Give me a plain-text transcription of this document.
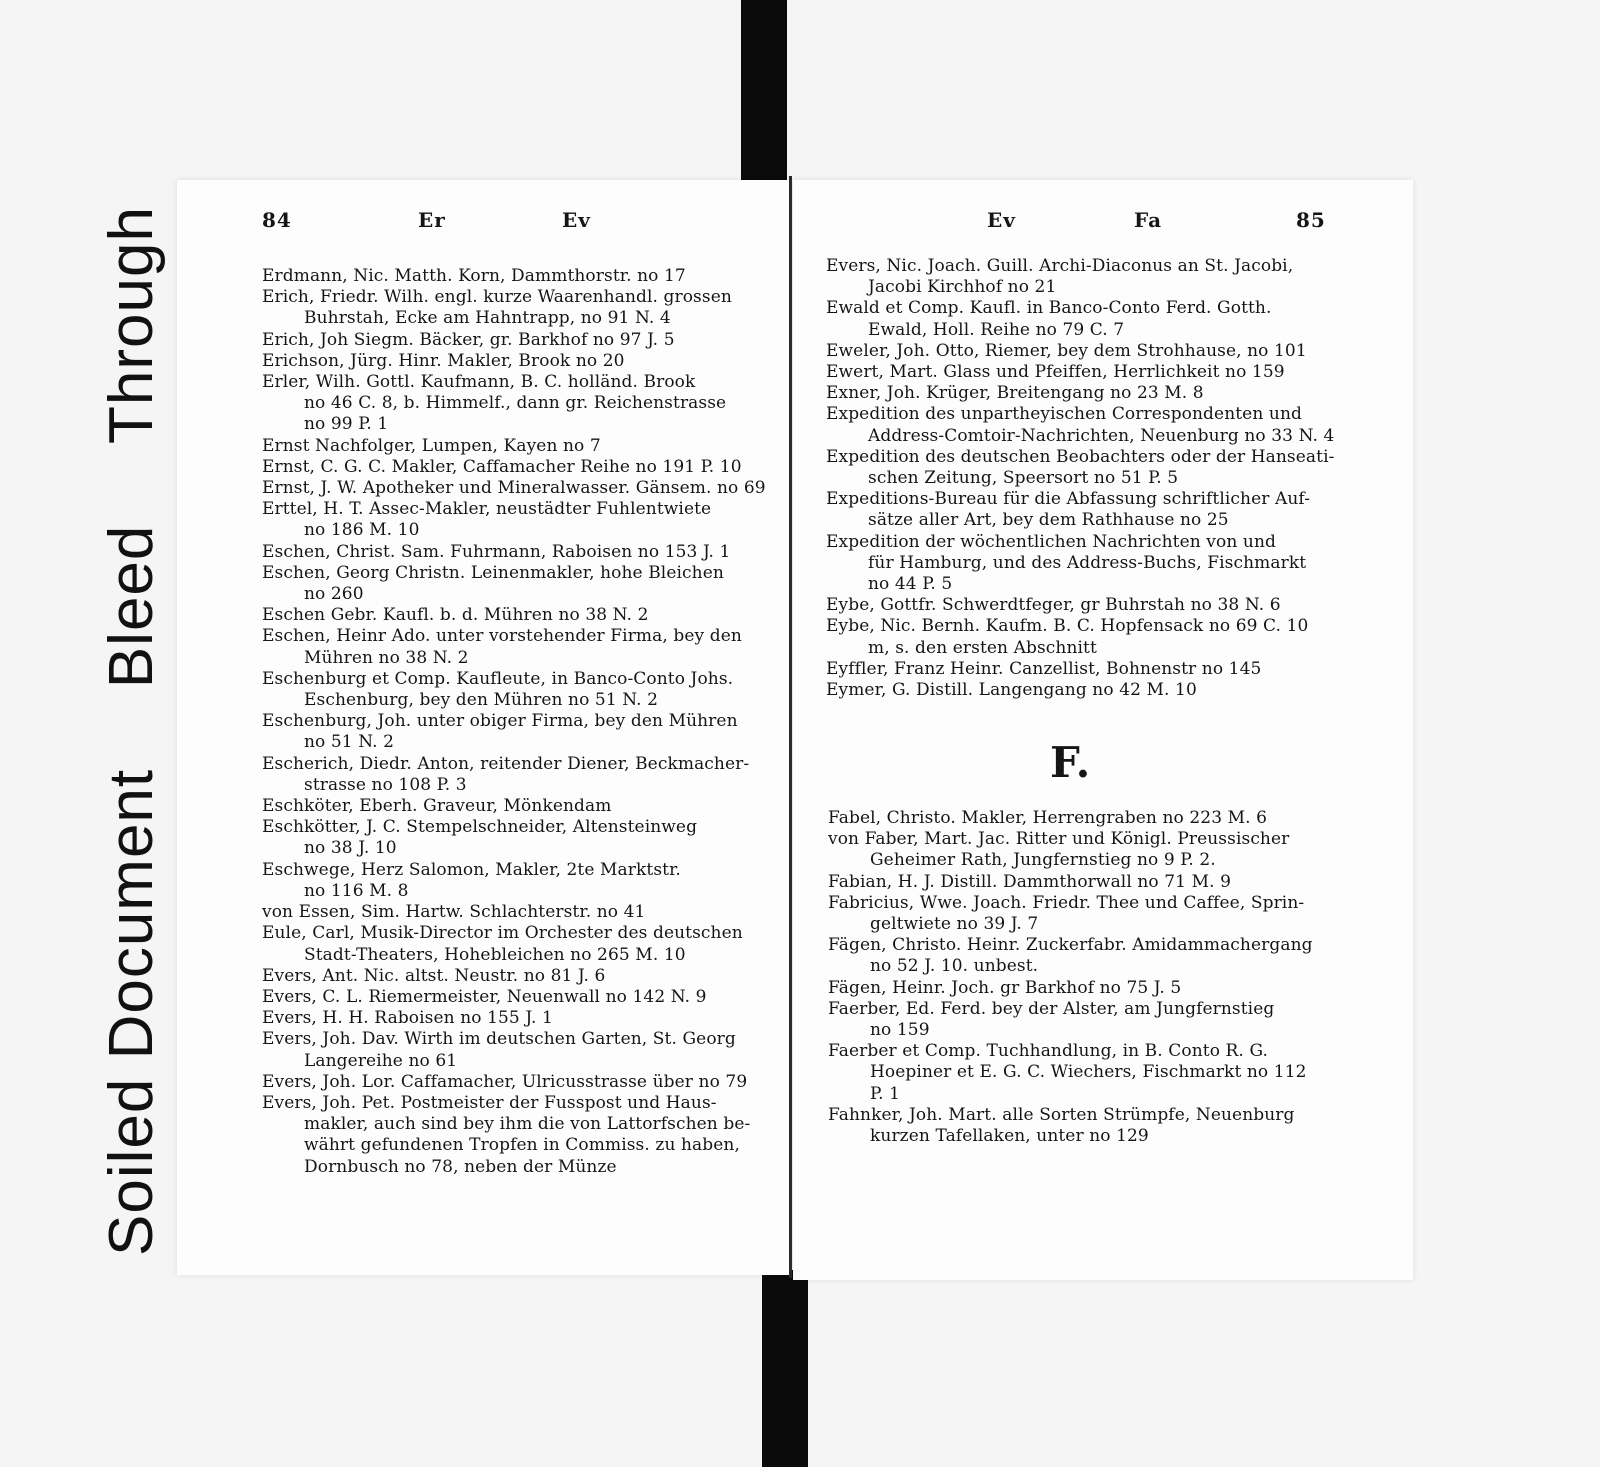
Soiled Document
Bleed
Through	84	Er	Ev	Ev	Fa	85
Erdmann, Nic. Matth. Korn, Dammthorstr. no 17
Erich, Friedr. Wilh. engl. kurze Waarenhandl. grossen
Buhrstah, Ecke am Hahntrapp, no 91 N. 4
Erich, Joh Siegm. Bäcker, gr. Barkhof no 97 J. 5
Erichson, Jürg. Hinr. Makler, Brook no 20
Erler, Wilh. Gottl. Kaufmann, B. C. holländ. Brook
no 46 C. 8, b. Himmelf., dann gr. Reichenstrasse
no 99 P. 1
Ernst Nachfolger, Lumpen, Kayen no 7
Ernst, C. G. C. Makler, Caffamacher Reihe no 191 P. 10
Ernst, J. W. Apotheker und Mineralwasser. Gänsem. no 69
Erttel, H. T. Assec-Makler, neustädter Fuhlentwiete
no 186 M. 10
Eschen, Christ. Sam. Fuhrmann, Raboisen no 153 J. 1
Eschen, Georg Christn. Leinenmakler, hohe Bleichen
no 260
Eschen Gebr. Kaufl. b. d. Mühren no 38 N. 2
Eschen, Heinr Ado. unter vorstehender Firma, bey den
Mühren no 38 N. 2
Eschenburg et Comp. Kaufleute, in Banco-Conto Johs.
Eschenburg, bey den Mühren no 51 N. 2
Eschenburg, Joh. unter obiger Firma, bey den Mühren
no 51 N. 2
Escherich, Diedr. Anton, reitender Diener, Beckmacher-
strasse no 108 P. 3
Eschköter, Eberh. Graveur, Mönkendam
Eschkötter, J. C. Stempelschneider, Altensteinweg
no 38 J. 10
Eschwege, Herz Salomon, Makler, 2te Marktstr.
no 116 M. 8
von Essen, Sim. Hartw. Schlachterstr. no 41
Eule, Carl, Musik-Director im Orchester des deutschen
Stadt-Theaters, Hohebleichen no 265 M. 10
Evers, Ant. Nic. altst. Neustr. no 81 J. 6
Evers, C. L. Riemermeister, Neuenwall no 142 N. 9
Evers, H. H. Raboisen no 155 J. 1
Evers, Joh. Dav. Wirth im deutschen Garten, St. Georg
Langereihe no 61
Evers, Joh. Lor. Caffamacher, Ulricusstrasse über no 79
Evers, Joh. Pet. Postmeister der Fusspost und Haus-
makler, auch sind bey ihm die von Lattorfschen be-
währt gefundenen Tropfen in Commiss. zu haben,
Dornbusch no 78, neben der Münze
Evers, Nic. Joach. Guill. Archi-Diaconus an St. Jacobi,
Jacobi Kirchhof no 21
Ewald et Comp. Kaufl. in Banco-Conto Ferd. Gotth.
Ewald, Holl. Reihe no 79 C. 7
Eweler, Joh. Otto, Riemer, bey dem Strohhause, no 101
Ewert, Mart. Glass und Pfeiffen, Herrlichkeit no 159
Exner, Joh. Krüger, Breitengang no 23 M. 8
Expedition des unpartheyischen Correspondenten und
Address-Comtoir-Nachrichten, Neuenburg no 33 N. 4
Expedition des deutschen Beobachters oder der Hanseati-
schen Zeitung, Speersort no 51 P. 5
Expeditions-Bureau für die Abfassung schriftlicher Auf-
sätze aller Art, bey dem Rathhause no 25
Expedition der wöchentlichen Nachrichten von und
für Hamburg, und des Address-Buchs, Fischmarkt
no 44 P. 5
Eybe, Gottfr. Schwerdtfeger, gr Buhrstah no 38 N. 6
Eybe, Nic. Bernh. Kaufm. B. C. Hopfensack no 69 C. 10
m, s. den ersten Abschnitt
Eyffler, Franz Heinr. Canzellist, Bohnenstr no 145
Eymer, G. Distill. Langengang no 42 M. 10
F.
Fabel, Christo. Makler, Herrengraben no 223 M. 6
von Faber, Mart. Jac. Ritter und Königl. Preussischer
Geheimer Rath, Jungfernstieg no 9 P. 2.
Fabian, H. J. Distill. Dammthorwall no 71 M. 9
Fabricius, Wwe. Joach. Friedr. Thee und Caffee, Sprin-
geltwiete no 39 J. 7
Fägen, Christo. Heinr. Zuckerfabr. Amidammachergang
no 52 J. 10. unbest.
Fägen, Heinr. Joch. gr Barkhof no 75 J. 5
Faerber, Ed. Ferd. bey der Alster, am Jungfernstieg
no 159
Faerber et Comp. Tuchhandlung, in B. Conto R. G.
Hoepiner et E. G. C. Wiechers, Fischmarkt no 112
P. 1
Fahnker, Joh. Mart. alle Sorten Strümpfe, Neuenburg
kurzen Tafellaken, unter no 129
